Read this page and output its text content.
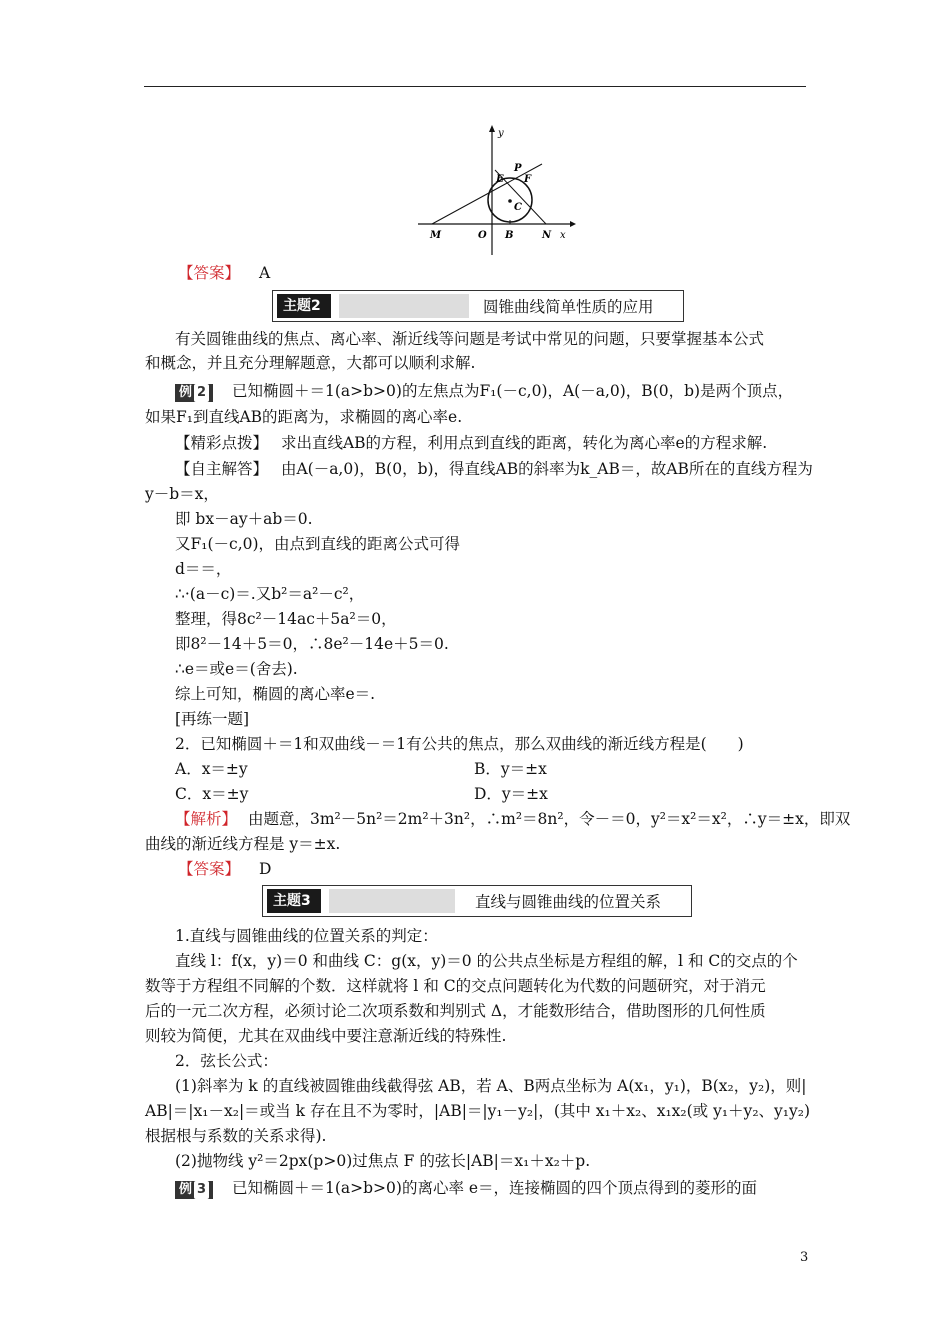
y
x
P
E F
C
M	O B	N
【答案】 A
主题2	圆锥曲线简单性质的应用
有关圆锥曲线的焦点、离心率、渐近线等问题是考试中常见的问题，只要掌握基本公式
和概念，并且充分理解题意，大都可以顺利求解.
例 2 已知椭圆＋＝1(a>b>0)的左焦点为F₁(－c,0)，A(－a,0)，B(0，b)是两个顶点，
如果F₁到直线AB的距离为，求椭圆的离心率e.
【精彩点拨】 求出直线AB的方程，利用点到直线的距离，转化为离心率e的方程求解.
【自主解答】 由A(－a,0)，B(0，b)，得直线AB的斜率为k_AB＝，故AB所在的直线方程为
y－b＝x，
即 bx－ay＋ab＝0.
又F₁(－c,0)，由点到直线的距离公式可得
d＝＝，
∴·(a－c)＝.又b²＝a²－c²，
整理，得8c²－14ac＋5a²＝0，
即8²－14＋5＝0，∴8e²－14e＋5＝0.
∴e＝或e＝(舍去).
综上可知，椭圆的离心率e＝.
[再练一题]
2．已知椭圆＋＝1和双曲线－＝1有公共的焦点，那么双曲线的渐近线方程是(　　)
A．x＝±y	B．y＝±x
C．x＝±y	D．y＝±x
【解析】 由题意，3m²－5n²＝2m²＋3n²，∴m²＝8n²，令－＝0，y²＝x²＝x²，∴y＝±x，即双
曲线的渐近线方程是 y＝±x.
【答案】 D
主题3	直线与圆锥曲线的位置关系
1.直线与圆锥曲线的位置关系的判定：
直线 l：f(x，y)＝0 和曲线 C：g(x，y)＝0 的公共点坐标是方程组的解，l 和 C的交点的个
数等于方程组不同解的个数．这样就将 l 和 C的交点问题转化为代数的问题研究，对于消元
后的一元二次方程，必须讨论二次项系数和判别式 Δ，才能数形结合，借助图形的几何性质
则较为简便，尤其在双曲线中要注意渐近线的特殊性.
2．弦长公式：
(1)斜率为 k 的直线被圆锥曲线截得弦 AB，若 A、B两点坐标为 A(x₁，y₁)，B(x₂，y₂)，则|
AB|＝|x₁－x₂|＝或当 k 存在且不为零时，|AB|＝|y₁－y₂|，(其中 x₁＋x₂、x₁x₂(或 y₁＋y₂、y₁y₂)
根据根与系数的关系求得).
(2)抛物线 y²＝2px(p>0)过焦点 F 的弦长|AB|＝x₁＋x₂＋p.
例 3 已知椭圆＋＝1(a>b>0)的离心率 e＝，连接椭圆的四个顶点得到的菱形的面
3
